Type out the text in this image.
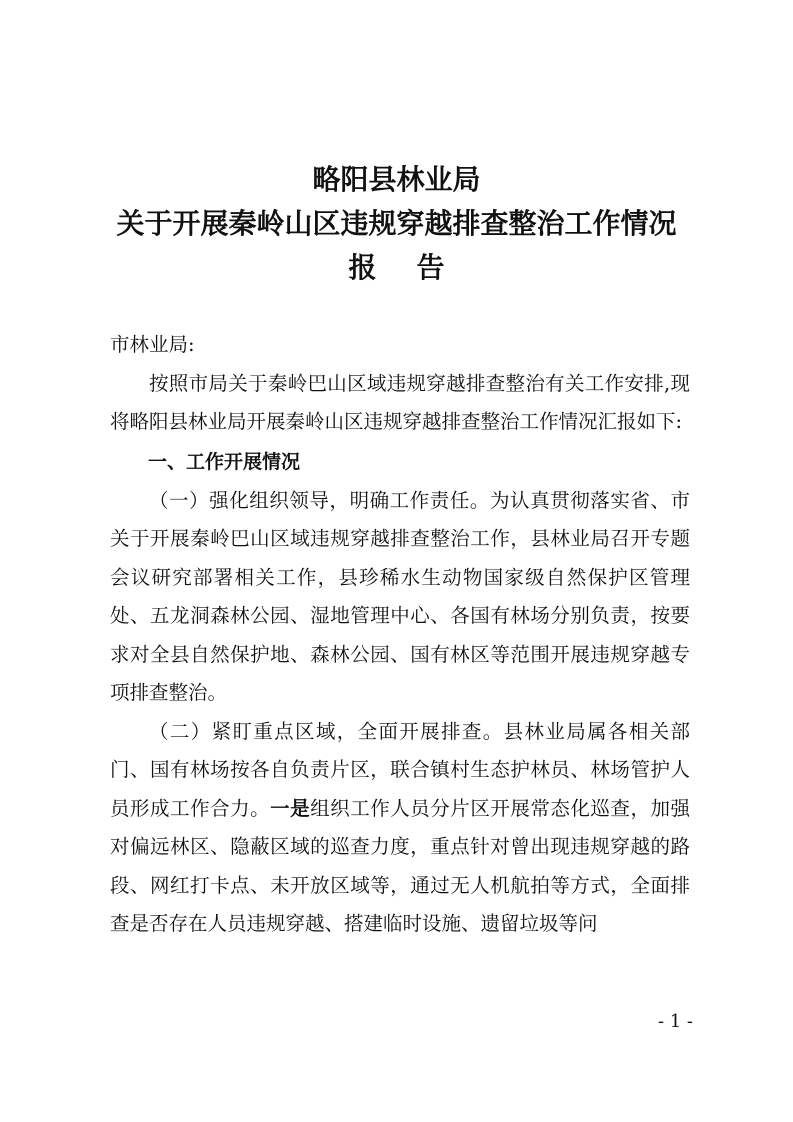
略阳县林业局
关于开展秦岭山区违规穿越排查整治工作情况
报告

市林业局:

按照市局关于秦岭巴山区域违规穿越排查整治有关工作安排,现将略阳县林业局开展秦岭山区违规穿越排查整治工作情况汇报如下:

一、工作开展情况

（一）强化组织领导，明确工作责任。为认真贯彻落实省、市关于开展秦岭巴山区域违规穿越排查整治工作，县林业局召开专题会议研究部署相关工作，县珍稀水生动物国家级自然保护区管理处、五龙洞森林公园、湿地管理中心、各国有林场分别负责，按要求对全县自然保护地、森林公园、国有林区等范围开展违规穿越专项排查整治。

（二）紧盯重点区域，全面开展排查。县林业局属各相关部门、国有林场按各自负责片区，联合镇村生态护林员、林场管护人员形成工作合力。一是组织工作人员分片区开展常态化巡查，加强对偏远林区、隐蔽区域的巡查力度，重点针对曾出现违规穿越的路段、网红打卡点、未开放区域等，通过无人机航拍等方式，全面排查是否存在人员违规穿越、搭建临时设施、遗留垃圾等问

- 1 -
